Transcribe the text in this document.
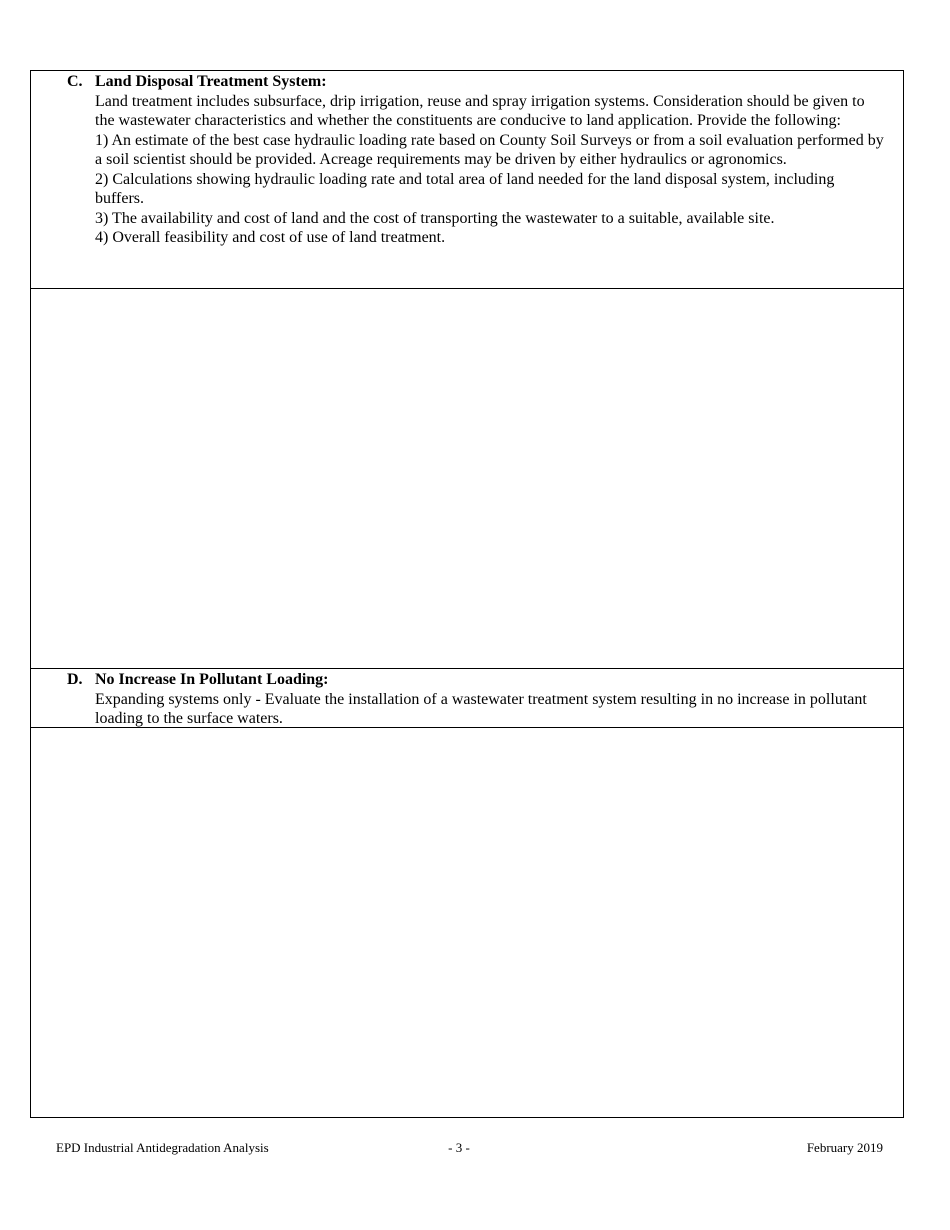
C. Land Disposal Treatment System:
Land treatment includes subsurface, drip irrigation, reuse and spray irrigation systems. Consideration should be given to the wastewater characteristics and whether the constituents are conducive to land application. Provide the following:
1) An estimate of the best case hydraulic loading rate based on County Soil Surveys or from a soil evaluation performed by a soil scientist should be provided. Acreage requirements may be driven by either hydraulics or agronomics.
2) Calculations showing hydraulic loading rate and total area of land needed for the land disposal system, including buffers.
3) The availability and cost of land and the cost of transporting the wastewater to a suitable, available site.
4) Overall feasibility and cost of use of land treatment.
D. No Increase In Pollutant Loading:
Expanding systems only - Evaluate the installation of a wastewater treatment system resulting in no increase in pollutant loading to the surface waters.
EPD Industrial Antidegradation Analysis	- 3 -	February 2019
